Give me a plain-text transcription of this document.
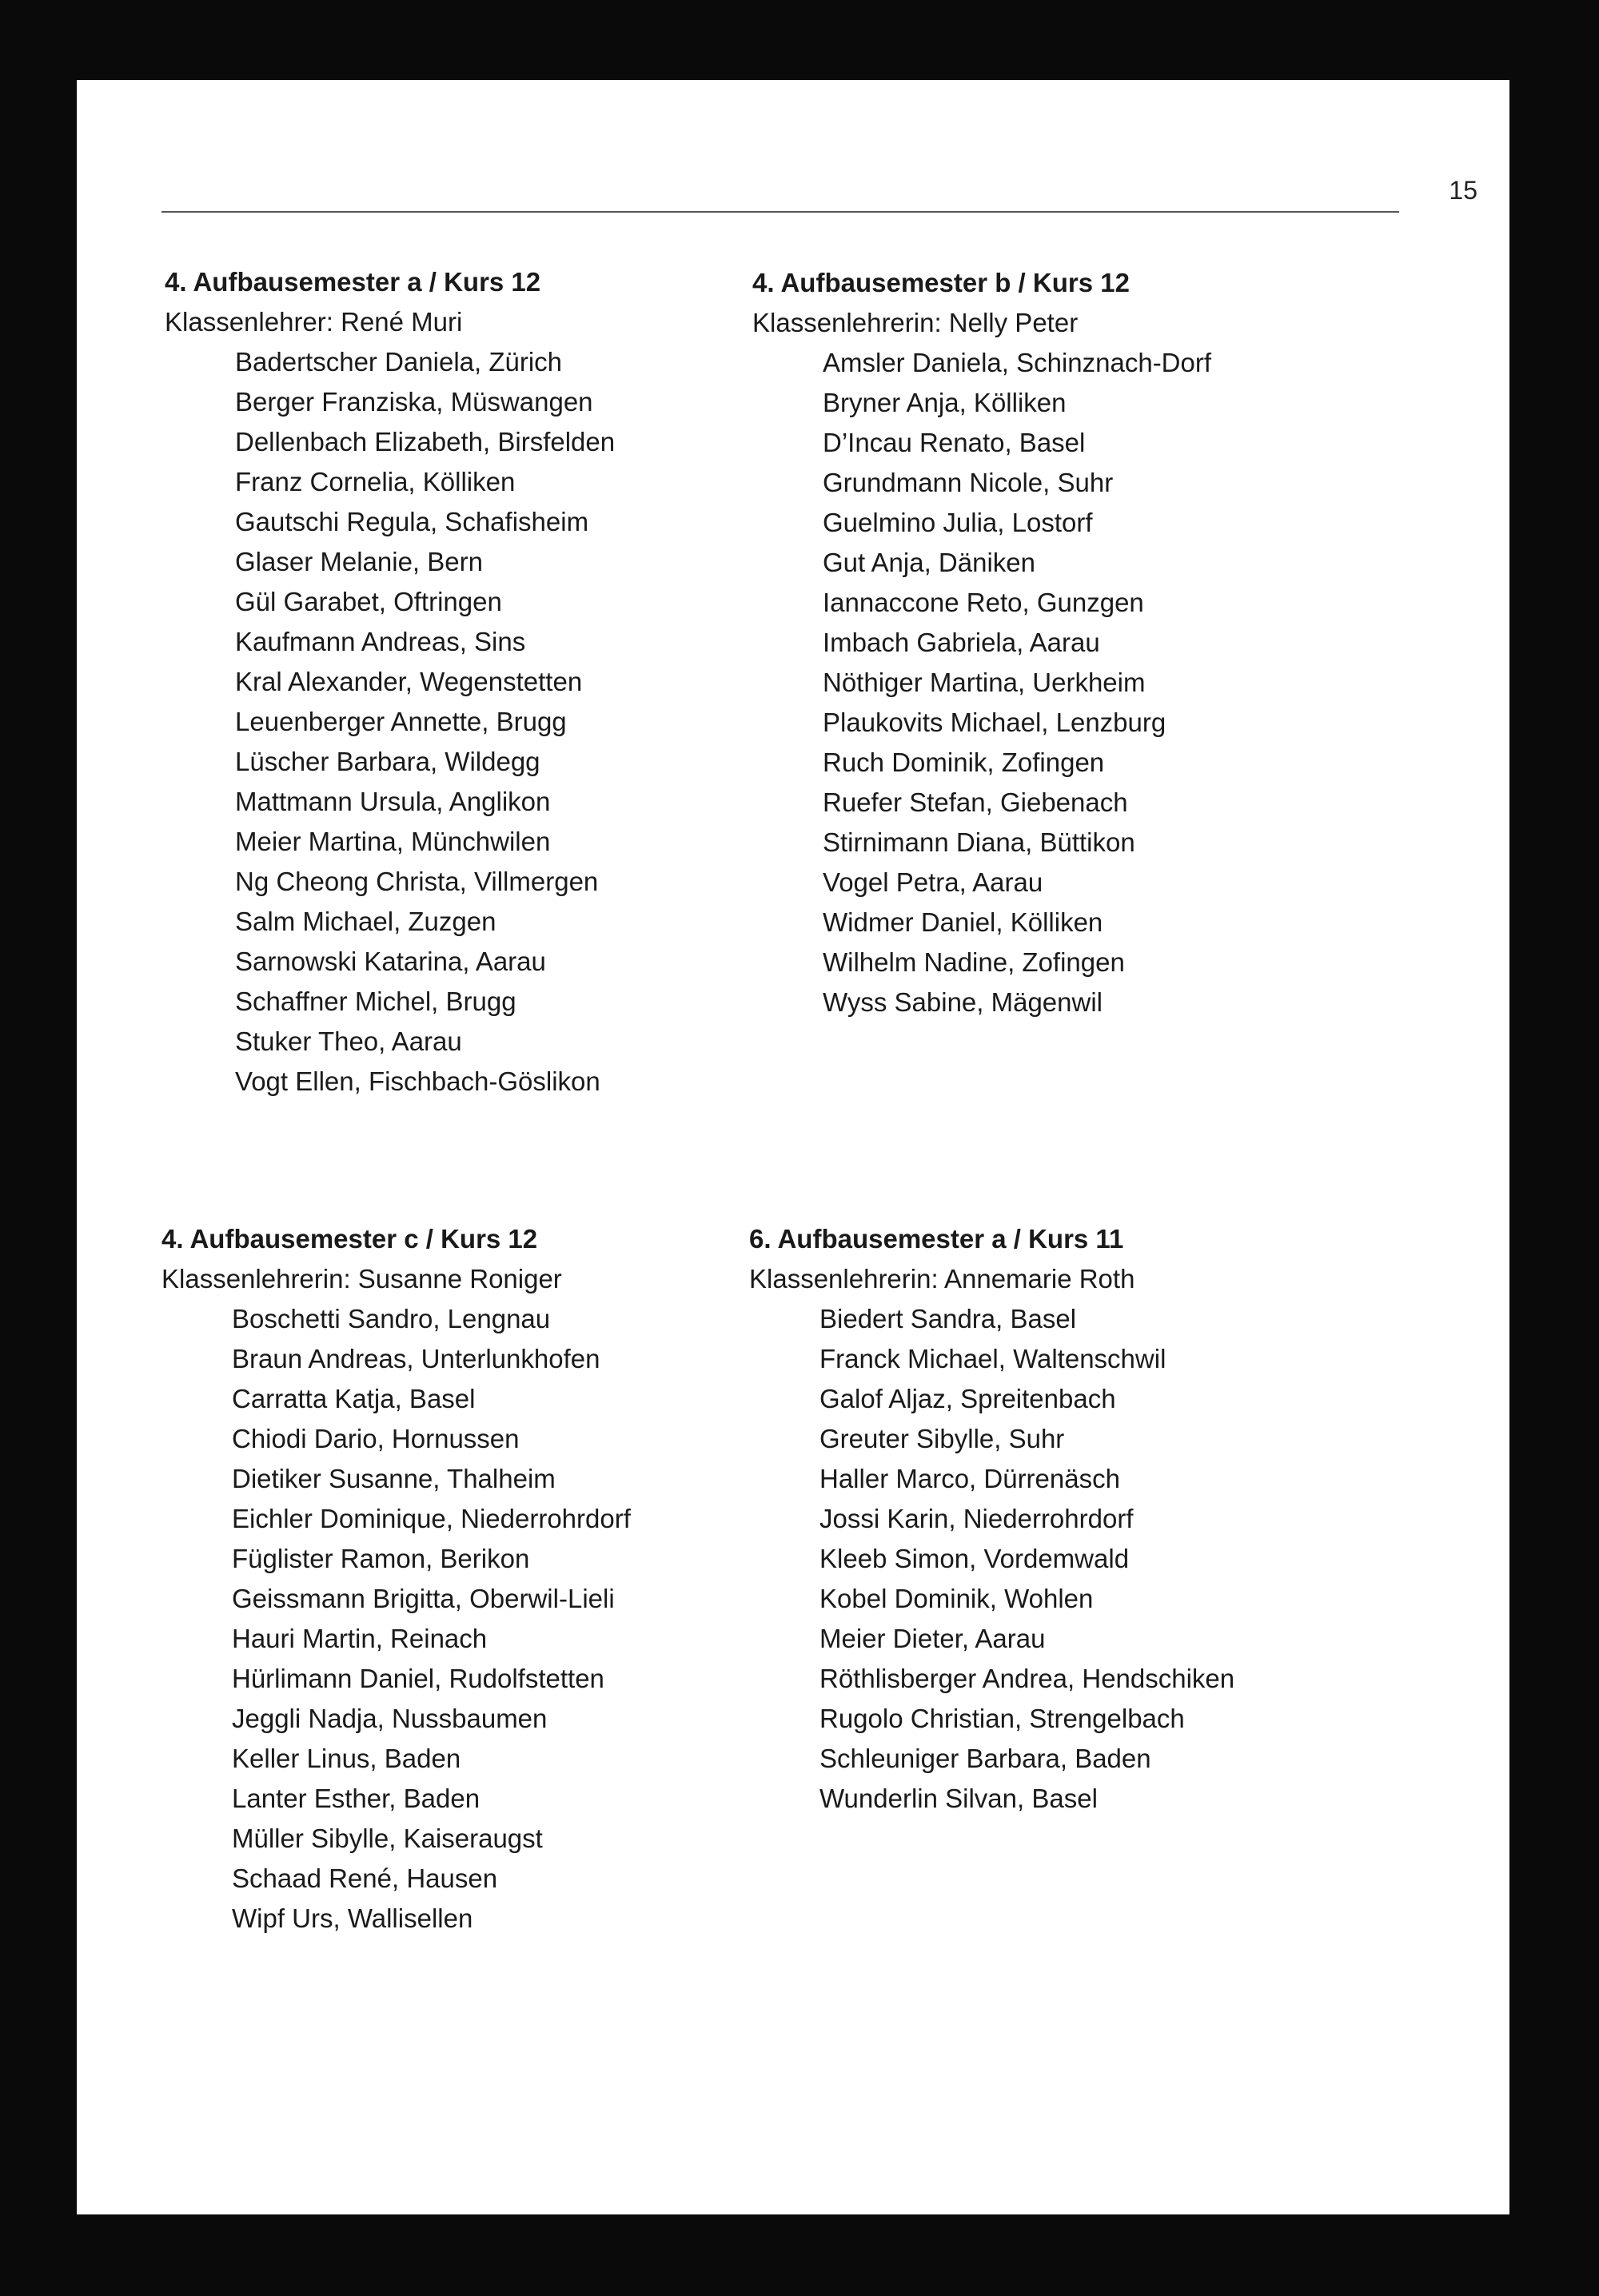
15
4. Aufbausemester a / Kurs 12
Klassenlehrer: René Muri
Badertscher Daniela, Zürich
Berger Franziska, Müswangen
Dellenbach Elizabeth, Birsfelden
Franz Cornelia, Kölliken
Gautschi Regula, Schafisheim
Glaser Melanie, Bern
Gül Garabet, Oftringen
Kaufmann Andreas, Sins
Kral Alexander, Wegenstetten
Leuenberger Annette, Brugg
Lüscher Barbara, Wildegg
Mattmann Ursula, Anglikon
Meier Martina, Münchwilen
Ng Cheong Christa, Villmergen
Salm Michael, Zuzgen
Sarnowski Katarina, Aarau
Schaffner Michel, Brugg
Stuker Theo, Aarau
Vogt Ellen, Fischbach-Göslikon
4. Aufbausemester b / Kurs 12
Klassenlehrerin: Nelly Peter
Amsler Daniela, Schinznach-Dorf
Bryner Anja, Kölliken
D’Incau Renato, Basel
Grundmann Nicole, Suhr
Guelmino Julia, Lostorf
Gut Anja, Däniken
Iannaccone Reto, Gunzgen
Imbach Gabriela, Aarau
Nöthiger Martina, Uerkheim
Plaukovits Michael, Lenzburg
Ruch Dominik, Zofingen
Ruefer Stefan, Giebenach
Stirnimann Diana, Büttikon
Vogel Petra, Aarau
Widmer Daniel, Kölliken
Wilhelm Nadine, Zofingen
Wyss Sabine, Mägenwil
4. Aufbausemester c / Kurs 12
Klassenlehrerin: Susanne Roniger
Boschetti Sandro, Lengnau
Braun Andreas, Unterlunkhofen
Carratta Katja, Basel
Chiodi Dario, Hornussen
Dietiker Susanne, Thalheim
Eichler Dominique, Niederrohrdorf
Füglister Ramon, Berikon
Geissmann Brigitta, Oberwil-Lieli
Hauri Martin, Reinach
Hürlimann Daniel, Rudolfstetten
Jeggli Nadja, Nussbaumen
Keller Linus, Baden
Lanter Esther, Baden
Müller Sibylle, Kaiseraugst
Schaad René, Hausen
Wipf Urs, Wallisellen
6. Aufbausemester a / Kurs 11
Klassenlehrerin: Annemarie Roth
Biedert Sandra, Basel
Franck Michael, Waltenschwil
Galof Aljaz, Spreitenbach
Greuter Sibylle, Suhr
Haller Marco, Dürrenäsch
Jossi Karin, Niederrohrdorf
Kleeb Simon, Vordemwald
Kobel Dominik, Wohlen
Meier Dieter, Aarau
Röthlisberger Andrea, Hendschiken
Rugolo Christian, Strengelbach
Schleuniger Barbara, Baden
Wunderlin Silvan, Basel
